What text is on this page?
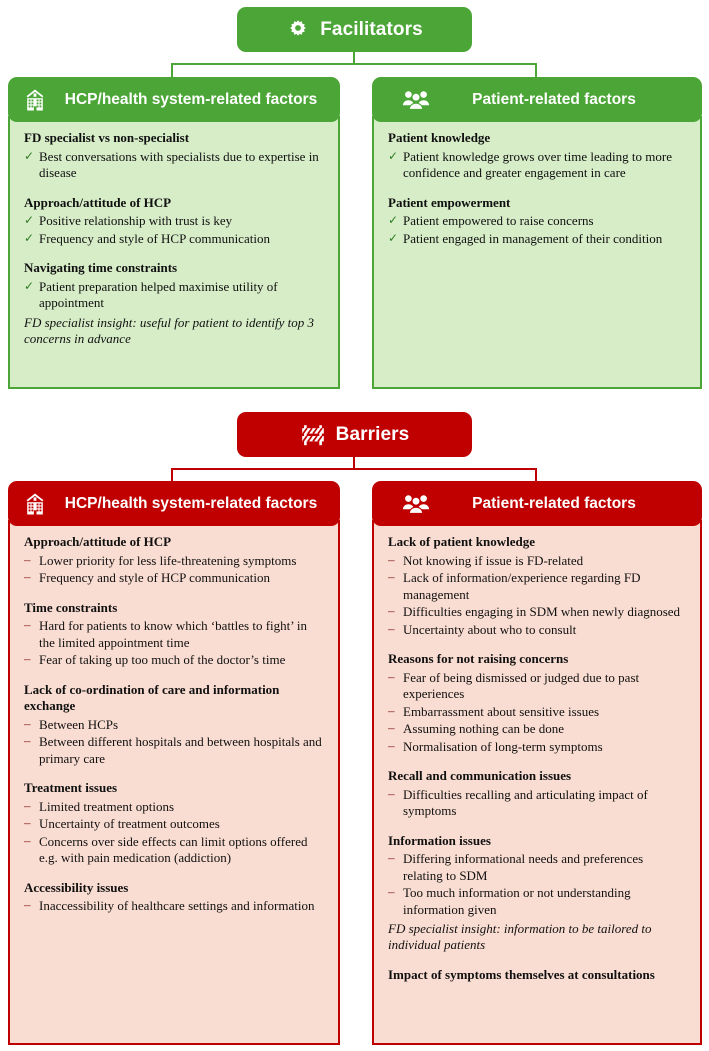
Facilitators
HCP/health system-related factors
FD specialist vs non-specialist
✓ Best conversations with specialists due to expertise in disease
Approach/attitude of HCP
✓ Positive relationship with trust is key
✓ Frequency and style of HCP communication
Navigating time constraints
✓ Patient preparation helped maximise utility of appointment
FD specialist insight: useful for patient to identify top 3 concerns in advance
Patient-related factors
Patient knowledge
✓ Patient knowledge grows over time leading to more confidence and greater engagement in care
Patient empowerment
✓ Patient empowered to raise concerns
✓ Patient engaged in management of their condition
Barriers
HCP/health system-related factors
Approach/attitude of HCP
– Lower priority for less life-threatening symptoms
– Frequency and style of HCP communication
Time constraints
– Hard for patients to know which ‘battles to fight’ in the limited appointment time
– Fear of taking up too much of the doctor’s time
Lack of co-ordination of care and information exchange
– Between HCPs
– Between different hospitals and between hospitals and primary care
Treatment issues
– Limited treatment options
– Uncertainty of treatment outcomes
– Concerns over side effects can limit options offered e.g. with pain medication (addiction)
Accessibility issues
– Inaccessibility of healthcare settings and information
Patient-related factors
Lack of patient knowledge
– Not knowing if issue is FD-related
– Lack of information/experience regarding FD management
– Difficulties engaging in SDM when newly diagnosed
– Uncertainty about who to consult
Reasons for not raising concerns
– Fear of being dismissed or judged due to past experiences
– Embarrassment about sensitive issues
– Assuming nothing can be done
– Normalisation of long-term symptoms
Recall and communication issues
– Difficulties recalling and articulating impact of symptoms
Information issues
– Differing informational needs and preferences relating to SDM
– Too much information or not understanding information given
FD specialist insight: information to be tailored to individual patients
Impact of symptoms themselves at consultations
